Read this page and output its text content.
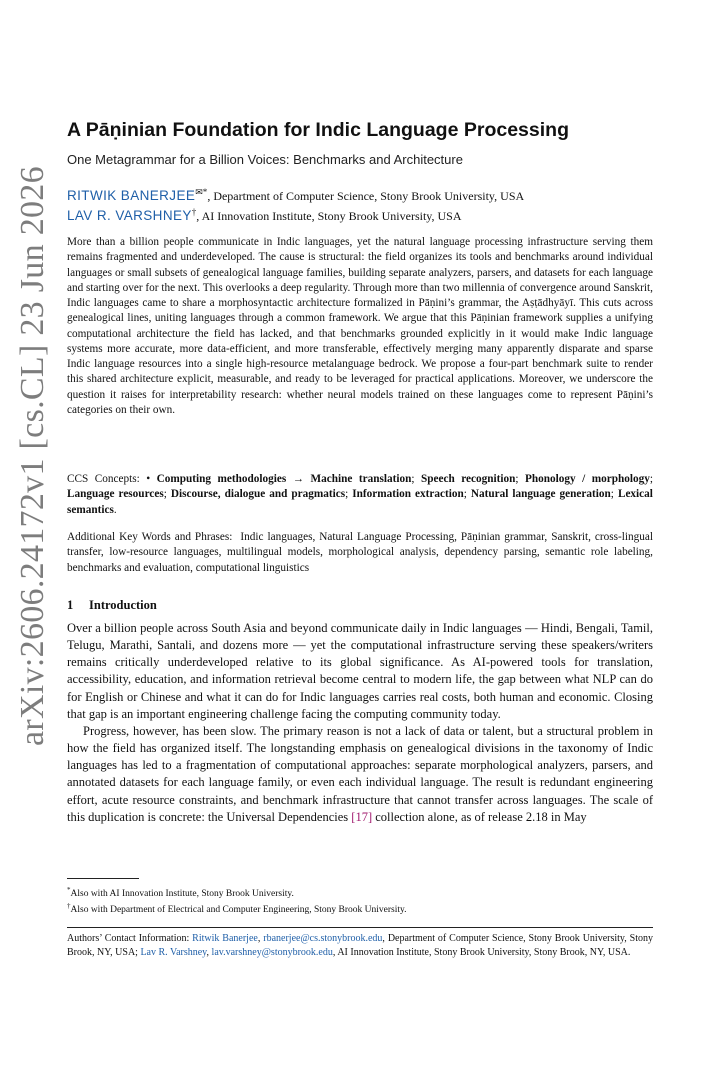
arXiv:2606.24172v1 [cs.CL] 23 Jun 2026
A Pāṇinian Foundation for Indic Language Processing
One Metagrammar for a Billion Voices: Benchmarks and Architecture
RITWIK BANERJEE✉*, Department of Computer Science, Stony Brook University, USA
LAV R. VARSHNEY†, AI Innovation Institute, Stony Brook University, USA
More than a billion people communicate in Indic languages, yet the natural language processing infrastructure serving them remains fragmented and underdeveloped. The cause is structural: the field organizes its tools and benchmarks around individual languages or small subsets of genealogical language families, building separate analyzers, parsers, and datasets for each language and starting over for the next. This overlooks a deep regularity. Through more than two millennia of convergence around Sanskrit, Indic languages came to share a morphosyntactic architecture formalized in Pāṇini’s grammar, the Aṣṭādhyāyī. This cuts across genealogical lines, uniting languages through a common framework. We argue that this Pāṇinian framework supplies a unifying computational architecture the field has lacked, and that benchmarks grounded explicitly in it would make Indic language systems more accurate, more data-efficient, and more transferable, effectively merging many apparently disparate and sparse Indic language resources into a single high-resource metalanguage bedrock. We propose a four-part benchmark suite to render this shared architecture explicit, measurable, and ready to be leveraged for practical applications. Moreover, we underscore the question it raises for interpretability research: whether neural models trained on these languages come to represent Pāṇini’s categories on their own.
CCS Concepts: • Computing methodologies → Machine translation; Speech recognition; Phonology / morphology; Language resources; Discourse, dialogue and pragmatics; Information extraction; Natural language generation; Lexical semantics.
Additional Key Words and Phrases: Indic languages, Natural Language Processing, Pāṇinian grammar, Sanskrit, cross-lingual transfer, low-resource languages, multilingual models, morphological analysis, dependency parsing, semantic role labeling, benchmarks and evaluation, computational linguistics
1 Introduction

Over a billion people across South Asia and beyond communicate daily in Indic languages — Hindi, Bengali, Tamil, Telugu, Marathi, Santali, and dozens more — yet the computational infrastructure serving these speakers/writers remains critically underdeveloped relative to its global significance. As AI-powered tools for translation, accessibility, education, and information retrieval become central to modern life, the gap between what NLP can do for English or Chinese and what it can do for Indic languages carries real costs, both human and economic. Closing that gap is an important engineering challenge facing the computing community today.

Progress, however, has been slow. The primary reason is not a lack of data or talent, but a structural problem in how the field has organized itself. The longstanding emphasis on genealogical divisions in the taxonomy of Indic languages has led to a fragmentation of computational approaches: separate morphological analyzers, parsers, and annotated datasets for each language family, or even each individual language. The result is redundant engineering effort, acute resource constraints, and benchmark infrastructure that cannot transfer across languages. The scale of this duplication is concrete: the Universal Dependencies [17] collection alone, as of release 2.18 in May

*Also with AI Innovation Institute, Stony Brook University.
†Also with Department of Electrical and Computer Engineering, Stony Brook University.
Authors’ Contact Information: Ritwik Banerjee, rbanerjee@cs.stonybrook.edu, Department of Computer Science, Stony Brook University, Stony Brook, NY, USA; Lav R. Varshney, lav.varshney@stonybrook.edu, AI Innovation Institute, Stony Brook University, Stony Brook, NY, USA.
